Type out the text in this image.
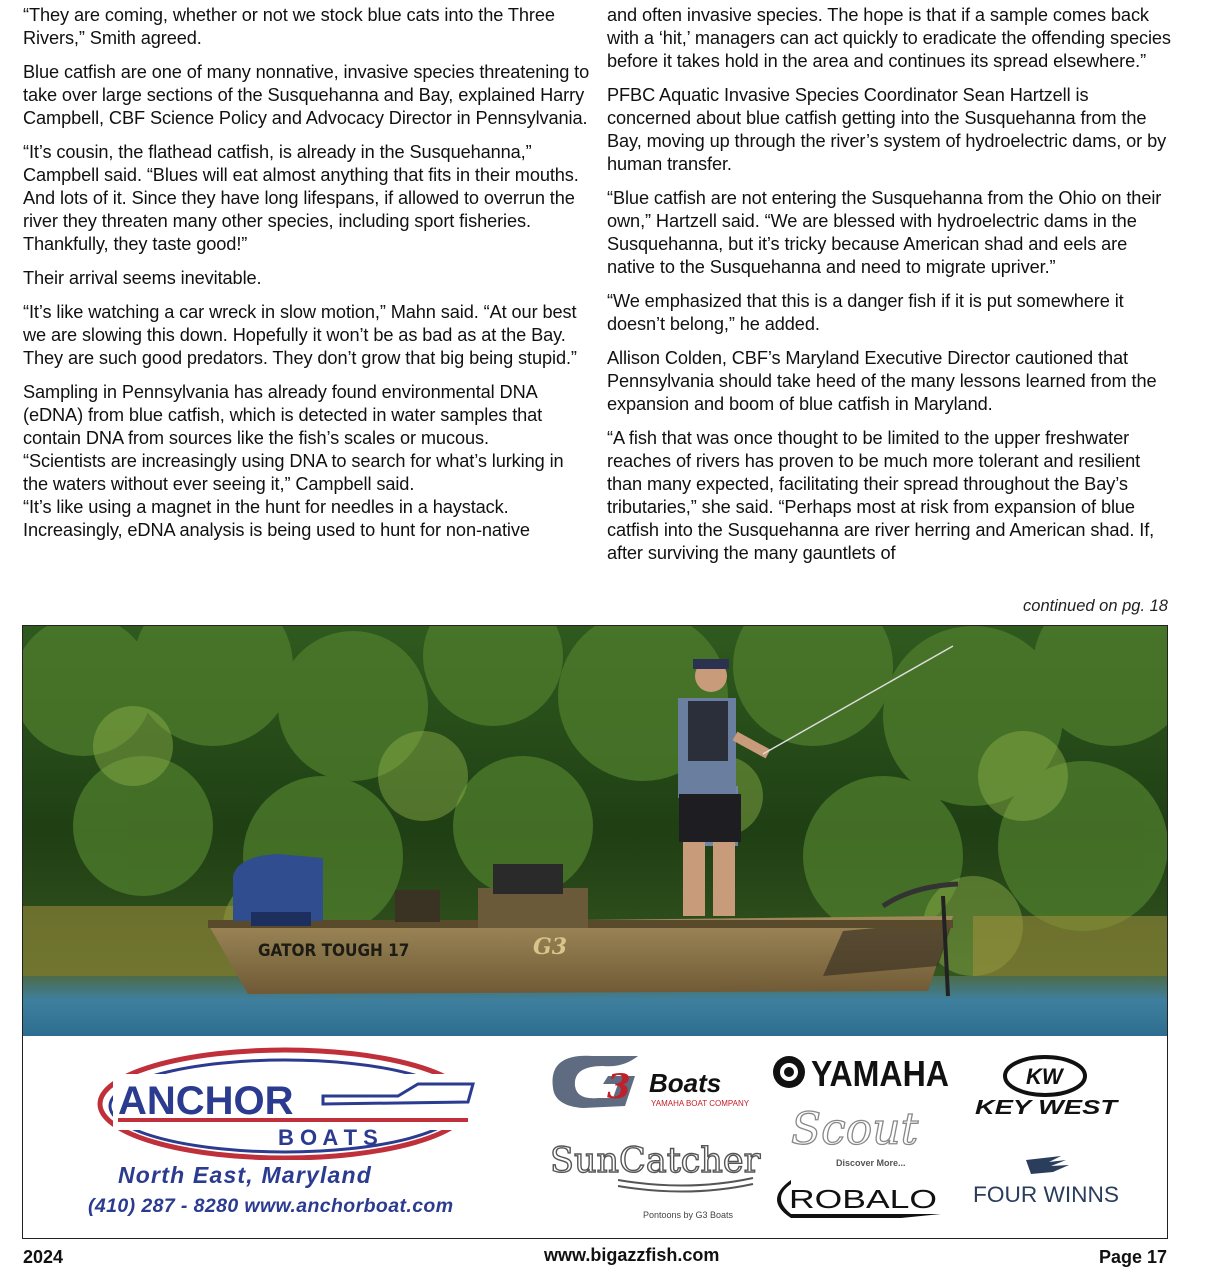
“They are coming, whether or not we stock blue cats into the Three Rivers,” Smith agreed.

Blue catfish are one of many nonnative, invasive species threatening to take over large sections of the Susquehanna and Bay, explained Harry Campbell, CBF Science Policy and Advocacy Director in Pennsylvania.

“It’s cousin, the flathead catfish, is already in the Susquehanna,” Campbell said. “Blues will eat almost anything that fits in their mouths. And lots of it. Since they have long lifespans, if allowed to overrun the river they threaten many other species, including sport fisheries. Thankfully, they taste good!”

Their arrival seems inevitable.

“It’s like watching a car wreck in slow motion,” Mahn said. “At our best we are slowing this down. Hopefully it won’t be as bad as at the Bay. They are such good predators. They don’t grow that big being stupid.”

Sampling in Pennsylvania has already found environmental DNA (eDNA) from blue catfish, which is detected in water samples that contain DNA from sources like the fish’s scales or mucous.

“Scientists are increasingly using DNA to search for what’s lurking in the waters without ever seeing it,” Campbell said.

“It’s like using a magnet in the hunt for needles in a haystack. Increasingly, eDNA analysis is being used to hunt for non-native

and often invasive species. The hope is that if a sample comes back with a ‘hit,’ managers can act quickly to eradicate the offending species before it takes hold in the area and continues its spread elsewhere.”

PFBC Aquatic Invasive Species Coordinator Sean Hartzell is concerned about blue catfish getting into the Susquehanna from the Bay, moving up through the river’s system of hydroelectric dams, or by human transfer.

“Blue catfish are not entering the Susquehanna from the Ohio on their own,” Hartzell said. “We are blessed with hydroelectric dams in the Susquehanna, but it’s tricky because American shad and eels are native to the Susquehanna and need to migrate upriver.”

“We emphasized that this is a danger fish if it is put somewhere it doesn’t belong,” he added.

Allison Colden, CBF’s Maryland Executive Director cautioned that Pennsylvania should take heed of the many lessons learned from the expansion and boom of blue catfish in Maryland.

“A fish that was once thought to be limited to the upper freshwater reaches of rivers has proven to be much more tolerant and resilient than many expected, facilitating their spread throughout the Bay’s tributaries,” she said. “Perhaps most at risk from expansion of blue catfish into the Susquehanna are river herring and American shad. If, after surviving the many gauntlets of

continued on pg. 18
GATOR TOUGH 17	G3
ANCHOR
B O A T S
North East, Maryland
(410) 287 - 8280 www.anchorboat.com
3 Boats
YAMAHA BOAT COMPANY
SunCatcher
Pontoons by G3 Boats
YAMAHA
Scout
Discover More...
ROBALO
KW
KEY WEST
FOUR WINNS
2024	www.bigazzfish.com	Page 17
